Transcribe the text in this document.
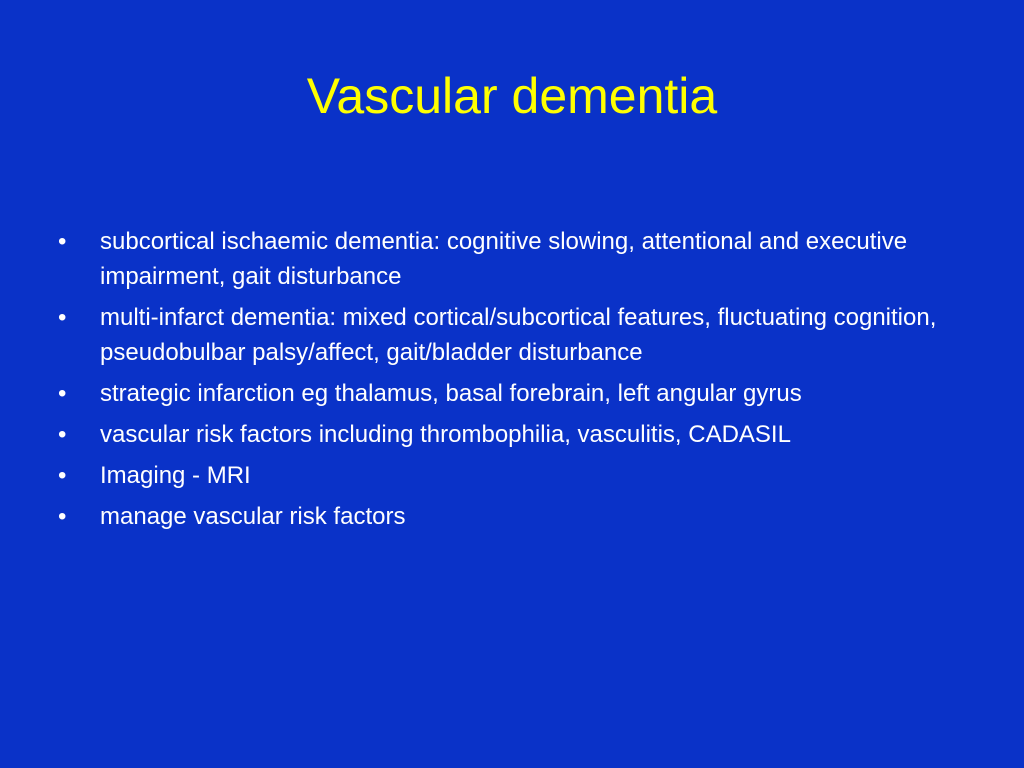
Vascular dementia
• subcortical ischaemic dementia: cognitive slowing, attentional and executive impairment, gait disturbance
• multi-infarct dementia: mixed cortical/subcortical features, fluctuating cognition, pseudobulbar palsy/affect, gait/bladder disturbance
• strategic infarction eg thalamus, basal forebrain, left angular gyrus
• vascular risk factors including thrombophilia, vasculitis, CADASIL
• Imaging - MRI
• manage vascular risk factors
